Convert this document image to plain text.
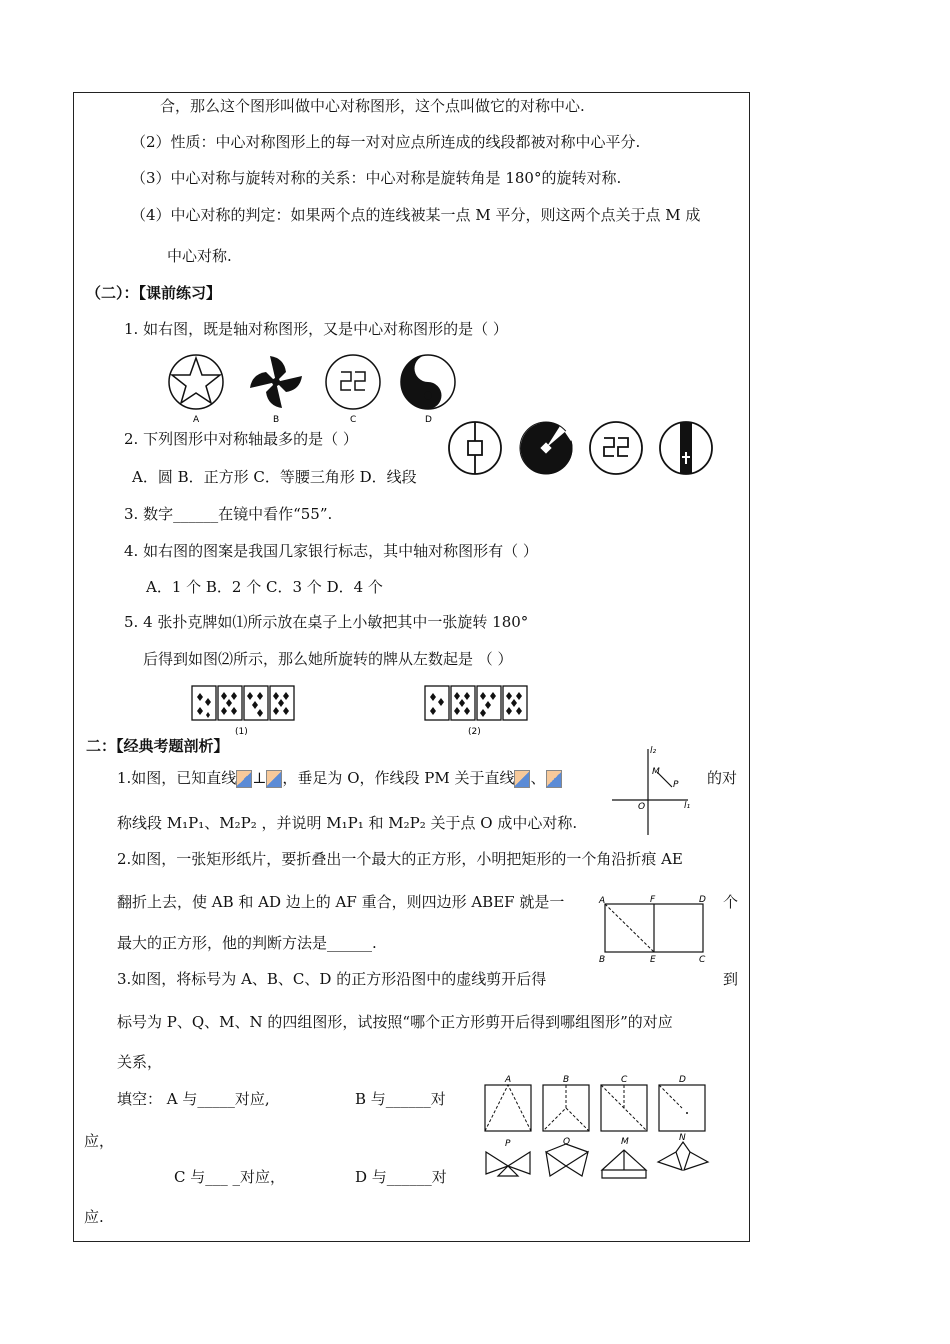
合，那么这个图形叫做中心对称图形，这个点叫做它的对称中心.
（2）性质：中心对称图形上的每一对对应点所连成的线段都被对称中心平分.
（3）中心对称与旋转对称的关系：中心对称是旋转角是 180°的旋转对称.
（4）中心对称的判定：如果两个点的连线被某一点 M 平分，则这两个点关于点 M 成
中心对称.
（二）：【课前练习】
1. 如右图，既是轴对称图形，又是中心对称图形的是（ ）
A	B	C	D
2. 下列图形中对称轴最多的是（ ）
A．圆 B．正方形 C．等腰三角形 D．线段
3. 数字______在镜中看作“55”.
4. 如右图的图案是我国几家银行标志，其中轴对称图形有（ ）
A．1 个 B．2 个 C．3 个 D．4 个
5. 4 张扑克牌如⑴所示放在桌子上小敏把其中一张旋转 180°
后得到如图⑵所示，那么她所旋转的牌从左数起是 （ ）
(1)	(2)
二：【经典考题剖析】
1.如图，已知直线 ⊥ ，垂足为 O，作线段 PM 关于直线 、	的对
称线段 M₁P₁、M₂P₂ ，并说明 M₁P₁ 和 M₂P₂ 关于点 O 成中心对称.
l₂
l₁
M
P
O
2.如图，一张矩形纸片，要折叠出一个最大的正方形，小明把矩形的一个角沿折痕 AE
翻折上去，使 AB 和 AD 边上的 AF 重合，则四边形 ABEF 就是一	个
最大的正方形，他的判断方法是______.
A	F	D
B	E	C
3.如图，将标号为 A、B、C、D 的正方形沿图中的虚线剪开后得	到
标号为 P、Q、M、N 的四组图形，试按照“哪个正方形剪开后得到哪组图形”的对应
关系，
填空： A 与_____对应,	B 与______对
应，
C 与___ _对应，	D 与______对
应.
A	B	C	D
P	Q	M	N
